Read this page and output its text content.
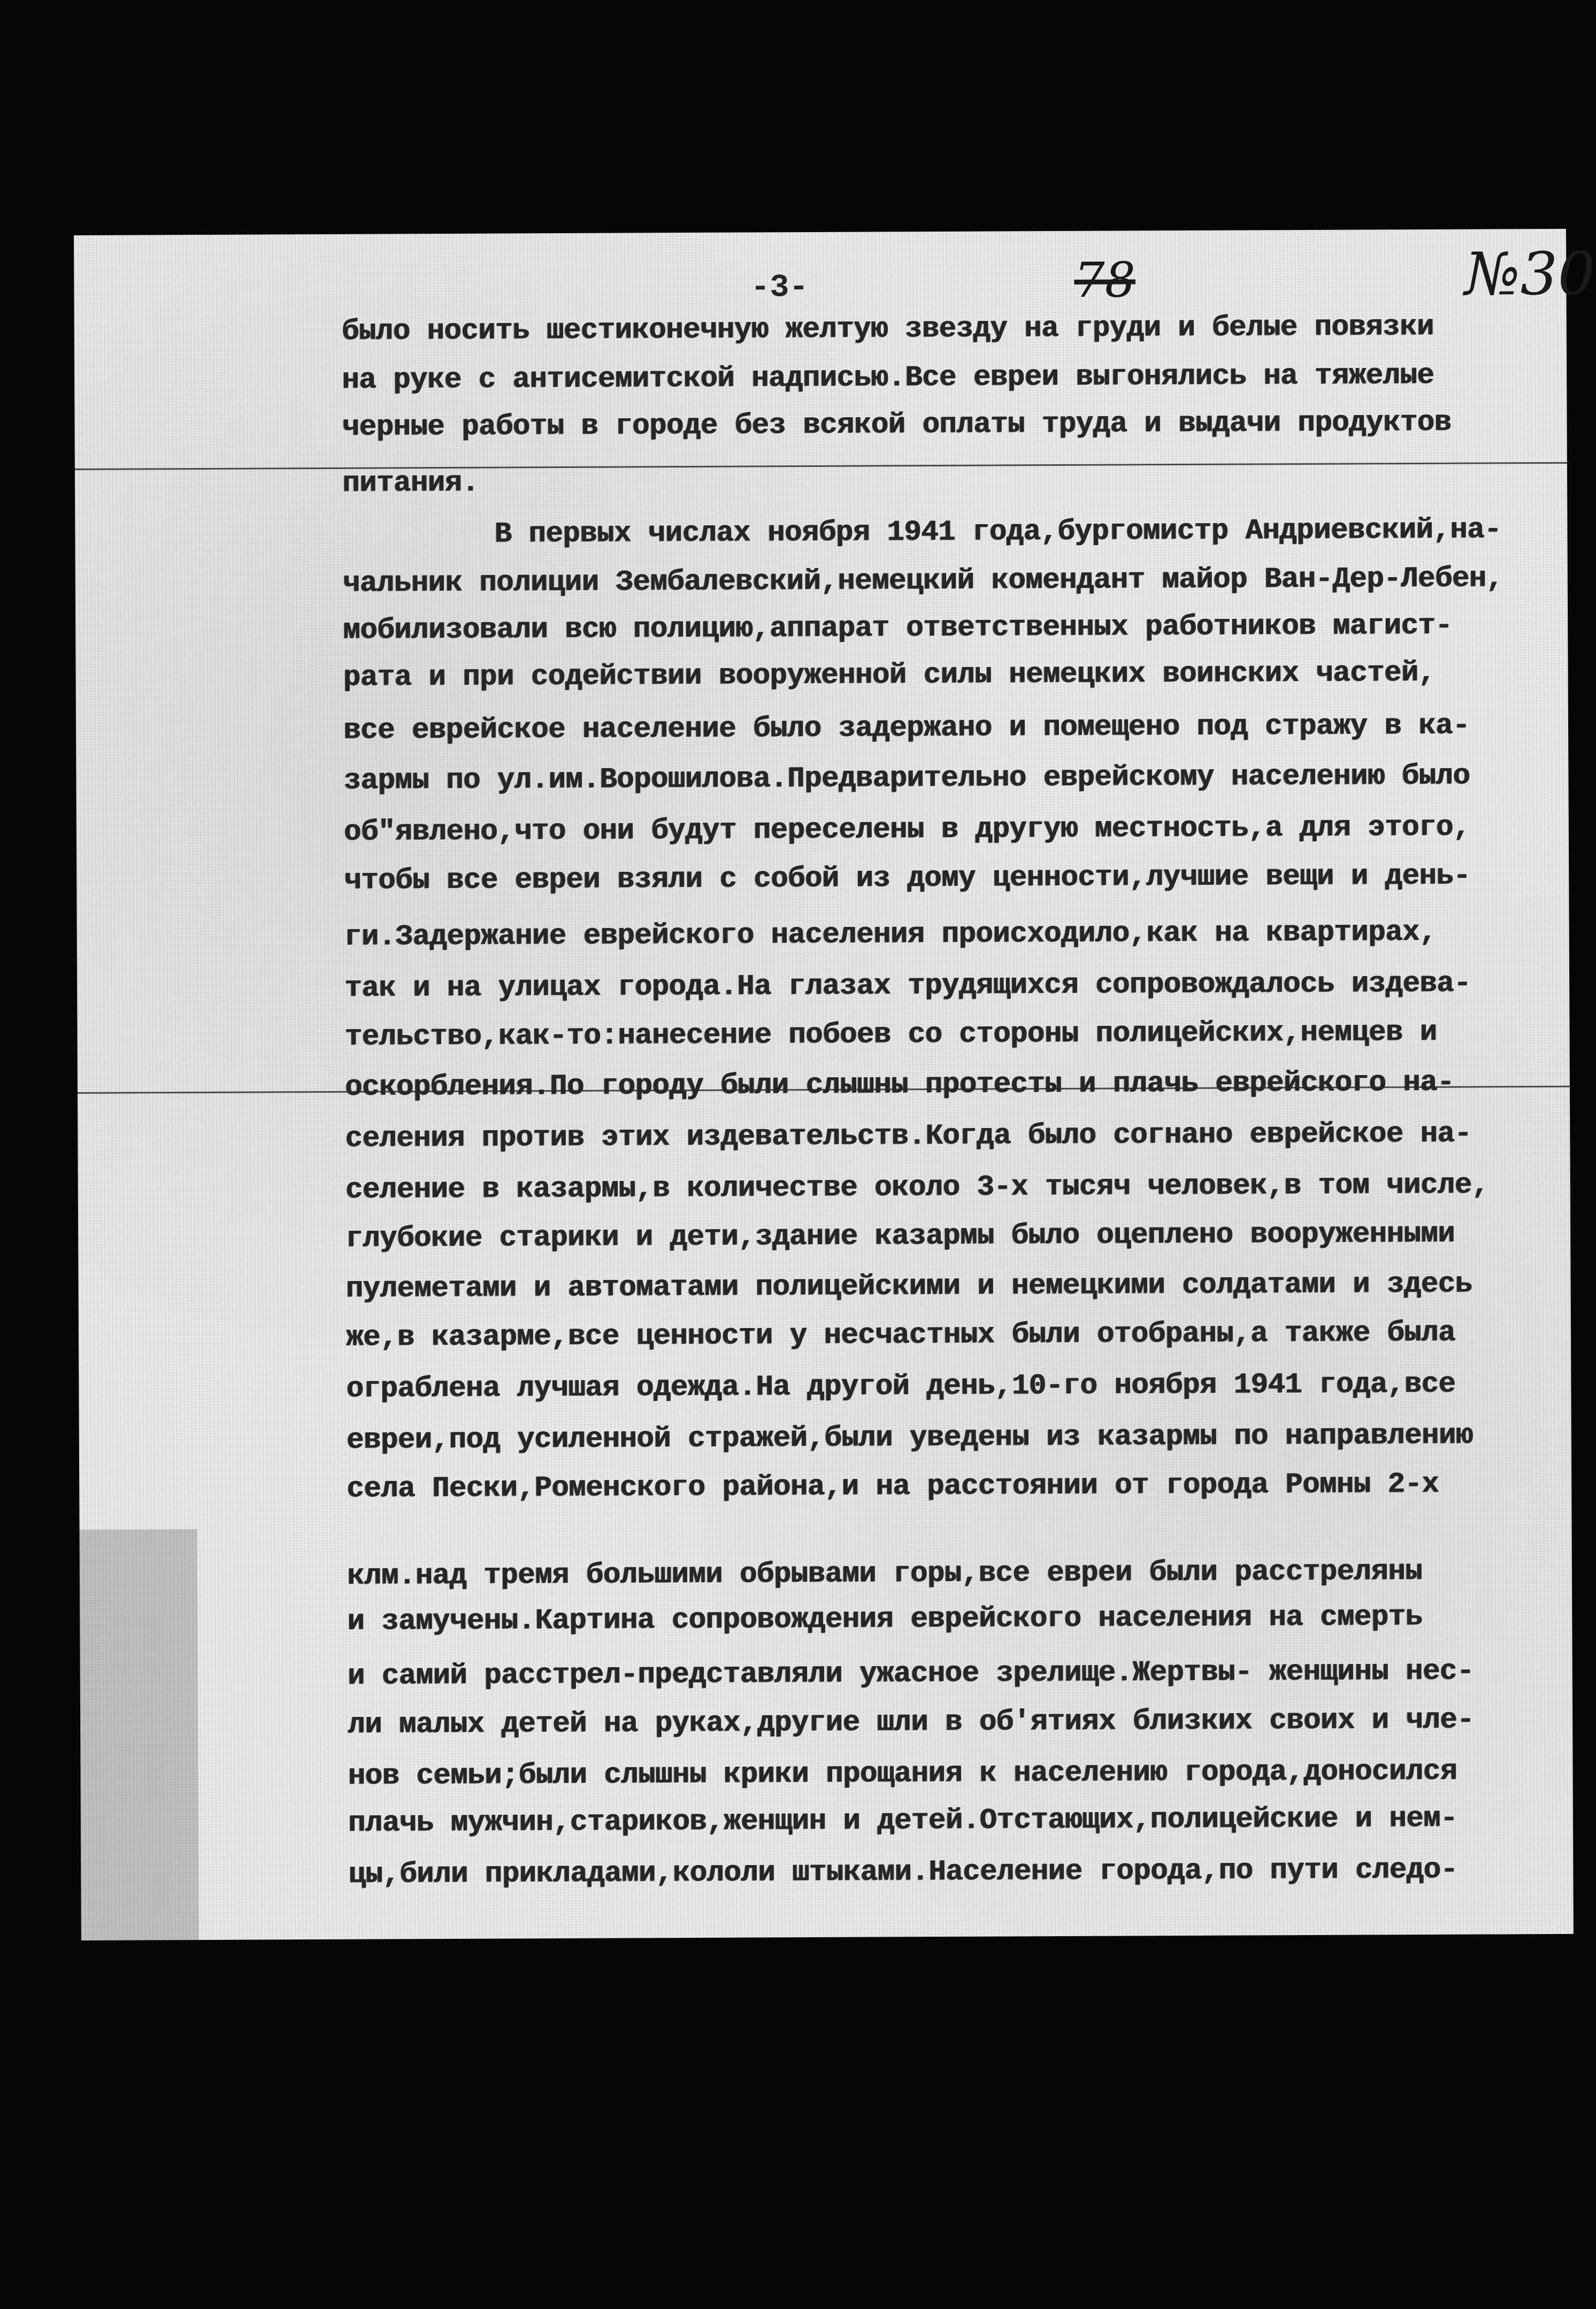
-3-	78	№30
было носить шестиконечную желтую звезду на груди и белые повязки
на руке с антисемитской надписью.Все евреи выгонялись на тяжелые
черные работы в городе без всякой оплаты труда и выдачи продуктов
питания.
В первых числах ноября 1941 года,бургомистр Андриевский,на-
чальник полиции Зембалевский,немецкий комендант майор Ван-Дер-Лебен,
мобилизовали всю полицию,аппарат ответственных работников магист-
рата и при содействии вооруженной силы немецких воинских частей,
все еврейское население было задержано и помещено под стражу в ка-
зармы по ул.им.Ворошилова.Предварительно еврейскому населению было
об"явлено,что они будут переселены в другую местность,а для этого,
чтобы все евреи взяли с собой из дому ценности,лучшие вещи и день-
ги.Задержание еврейского населения происходило,как на квартирах,
так и на улицах города.На глазах трудящихся сопровождалось издева-
тельство,как-то:нанесение побоев со стороны полицейских,немцев и
оскорбления.По городу были слышны протесты и плачь еврейского на-
селения против этих издевательств.Когда было согнано еврейское на-
селение в казармы,в количестве около 3-х тысяч человек,в том числе,
глубокие старики и дети,здание казармы было оцеплено вооруженными
пулеметами и автоматами полицейскими и немецкими солдатами и здесь
же,в казарме,все ценности у несчастных были отобраны,а также была
ограблена лучшая одежда.На другой день,10-го ноября 1941 года,все
евреи,под усиленной стражей,были уведены из казармы по направлению
села Пески,Роменского района,и на расстоянии от города Ромны 2-х
клм.над тремя большими обрывами горы,все евреи были расстреляны
и замучены.Картина сопровождения еврейского населения на смерть
и самий расстрел-представляли ужасное зрелище.Жертвы- женщины нес-
ли малых детей на руках,другие шли в об'ятиях близких своих и чле-
нов семьи;были слышны крики прощания к населению города,доносился
плачь мужчин,стариков,женщин и детей.Отстающих,полицейские и нем-
цы,били прикладами,кололи штыками.Население города,по пути следо-
